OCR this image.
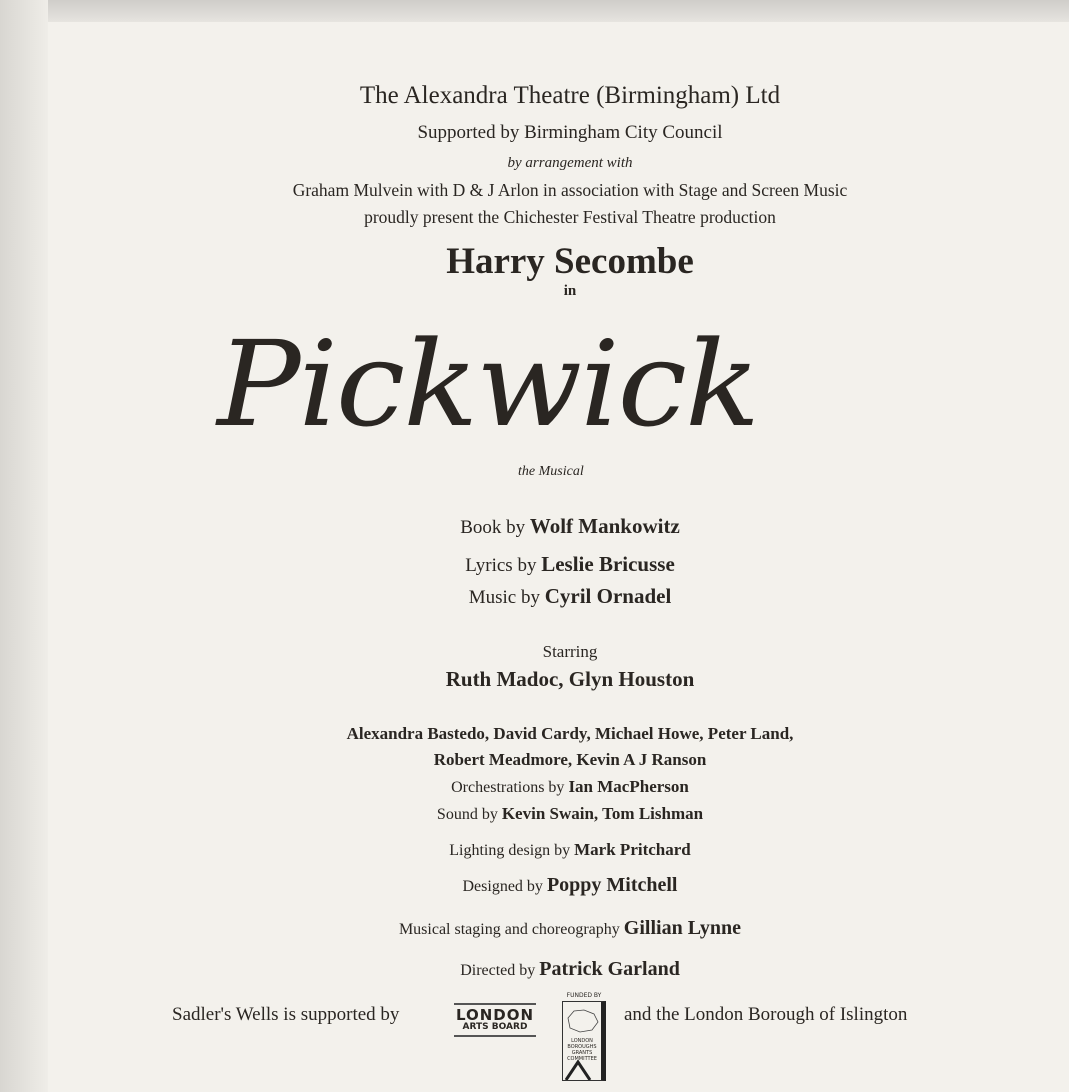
The Alexandra Theatre (Birmingham) Ltd
Supported by Birmingham City Council
by arrangement with
Graham Mulvein with D & J Arlon in association with Stage and Screen Music
proudly present the Chichester Festival Theatre production
Harry Secombe
in
Pickwick
the Musical
Book by Wolf Mankowitz
Lyrics by Leslie Bricusse
Music by Cyril Ornadel
Starring
Ruth Madoc, Glyn Houston
Alexandra Bastedo, David Cardy, Michael Howe, Peter Land,
Robert Meadmore, Kevin A J Ranson
Orchestrations by Ian MacPherson
Sound by Kevin Swain, Tom Lishman
Lighting design by Mark Pritchard
Designed by Poppy Mitchell
Musical staging and choreography Gillian Lynne
Directed by Patrick Garland
Sadler's Wells is supported by	LONDON
ARTS BOARD
FUNDED BY
LONDON
BOROUGHS
GRANTS
COMMITTEE
and the London Borough of Islington
